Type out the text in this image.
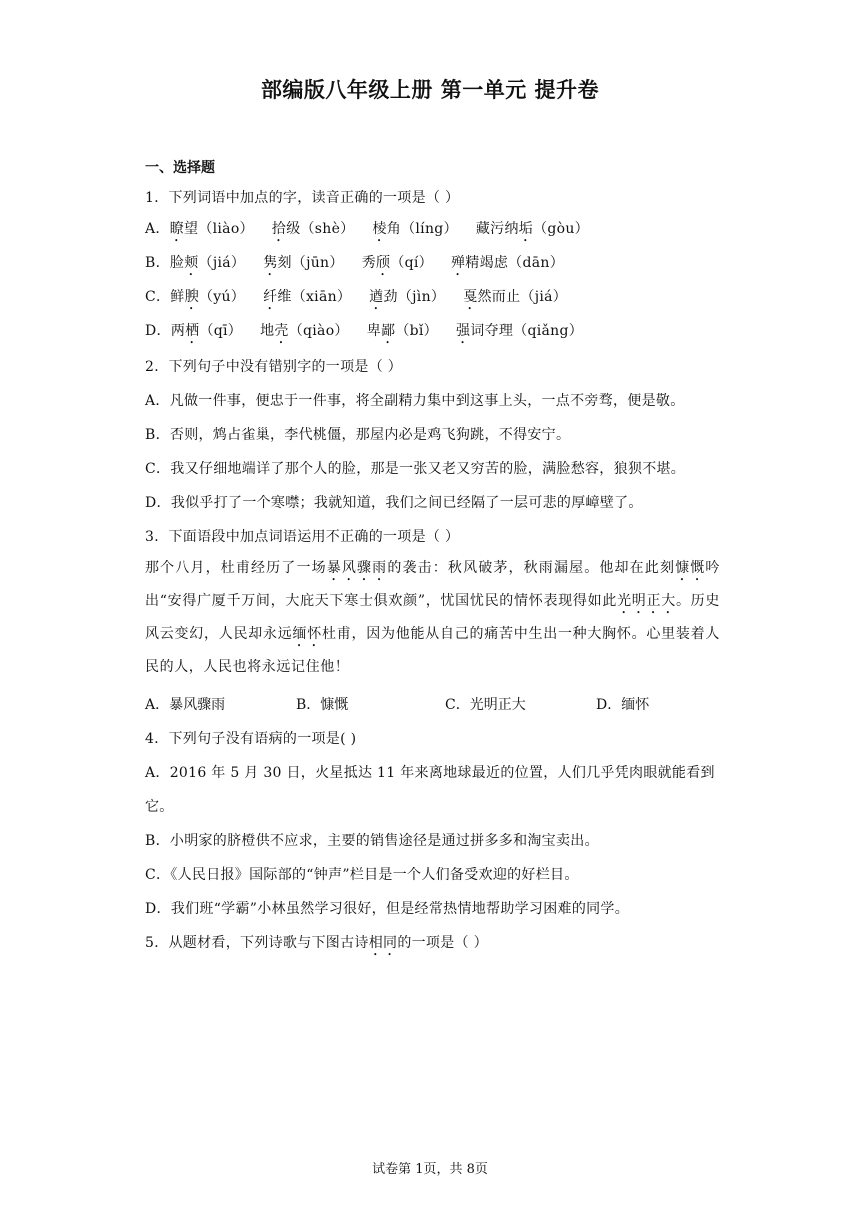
部编版八年级上册 第一单元 提升卷
一、选择题
1．下列词语中加点的字，读音正确的一项是（ ）
A．瞭望（liào） 拾级（shè） 棱角（líng） 藏污纳垢（gòu）
B．脸颊（jiá） 隽刻（jūn） 秀颀（qí） 殚精竭虑（dān）
C．鲜腴（yú） 纤维（xiān） 遒劲（jìn） 戛然而止（jiá）
D．两栖（qī） 地壳（qiào） 卑鄙（bǐ） 强词夺理（qiǎng）
2．下列句子中没有错别字的一项是（ ）
A．凡做一件事，便忠于一件事，将全副精力集中到这事上头，一点不旁骛，便是敬。
B．否则，鸩占雀巢，李代桃僵，那屋内必是鸡飞狗跳，不得安宁。
C．我又仔细地端详了那个人的脸，那是一张又老又穷苦的脸，满脸愁容，狼狈不堪。
D．我似乎打了一个寒噤；我就知道，我们之间已经隔了一层可悲的厚嶂壁了。
3．下面语段中加点词语运用不正确的一项是（ ）
那个八月，杜甫经历了一场暴风骤雨的袭击：秋风破茅，秋雨漏屋。他却在此刻慷慨吟出“安得广厦千万间，大庇天下寒士俱欢颜”，忧国忧民的情怀表现得如此光明正大。历史风云变幻，人民却永远缅怀杜甫，因为他能从自己的痛苦中生出一种大胸怀。心里装着人民的人，人民也将永远记住他！
A．暴风骤雨	B．慷慨	C．光明正大	D．缅怀
4．下列句子没有语病的一项是( )
A．2016 年 5 月 30 日，火星抵达 11 年来离地球最近的位置，人们几乎凭肉眼就能看到
它。
B．小明家的脐橙供不应求，主要的销售途径是通过拼多多和淘宝卖出。
C．《人民日报》国际部的“钟声”栏目是一个人们备受欢迎的好栏目。
D．我们班“学霸”小林虽然学习很好，但是经常热情地帮助学习困难的同学。
5．从题材看，下列诗歌与下图古诗相同的一项是（ ）
试卷第 1页，共 8页
